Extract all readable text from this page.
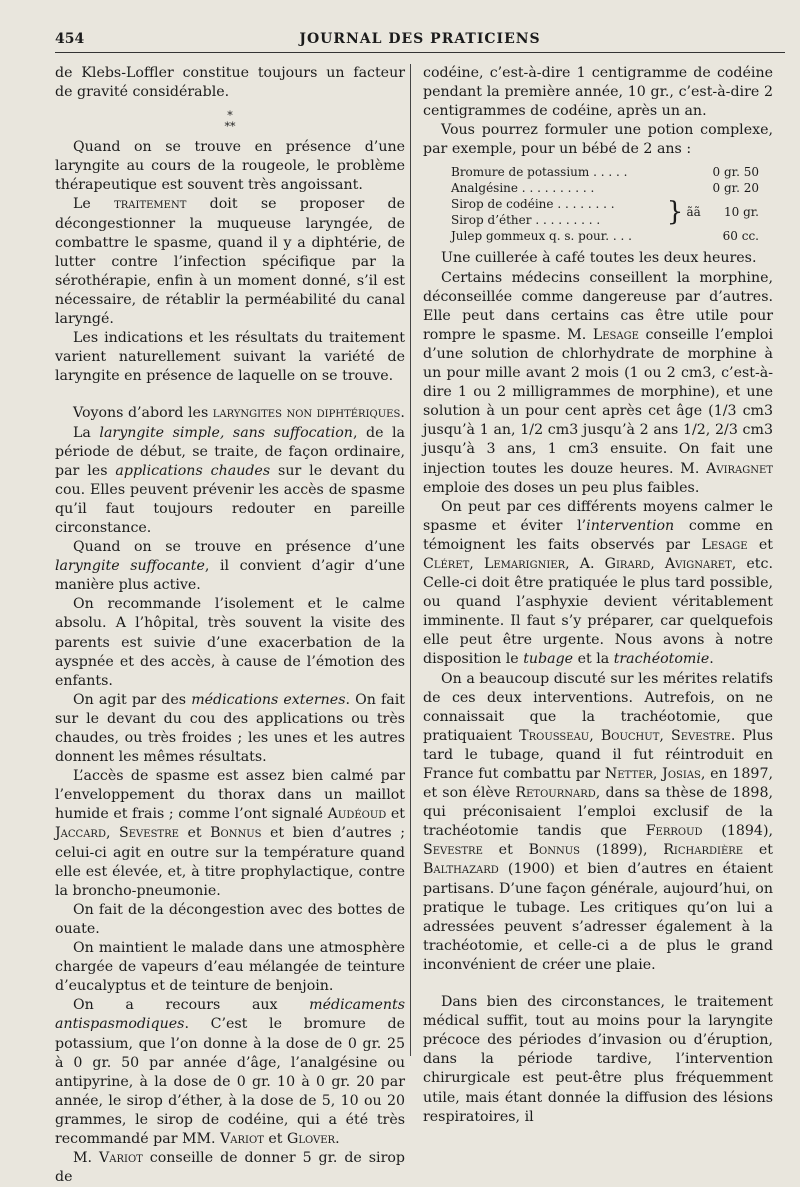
454	JOURNAL DES PRATICIENS

de Klebs-Loffler constitue toujours un facteur de gravité considérable.

*
**

Quand on se trouve en présence d’une laryngite au cours de la rougeole, le problème thérapeutique est souvent très angoissant.

Le traitement doit se proposer de décongestionner la muqueuse laryngée, de combattre le spasme, quand il y a diphtérie, de lutter contre l’infection spécifique par la sérothérapie, enfin à un moment donné, s’il est nécessaire, de rétablir la perméabilité du canal laryngé.

Les indications et les résultats du traitement varient naturellement suivant la variété de laryngite en présence de laquelle on se trouve.

Voyons d’abord les laryngites non diphtériques.

La laryngite simple, sans suffocation, de la période de début, se traite, de façon ordinaire, par les applications chaudes sur le devant du cou. Elles peuvent prévenir les accès de spasme qu’il faut toujours redouter en pareille circonstance.

Quand on se trouve en présence d’une laryngite suffocante, il convient d’agir d’une manière plus active.

On recommande l’isolement et le calme absolu. A l’hôpital, très souvent la visite des parents est suivie d’une exacerbation de la ayspnée et des accès, à cause de l’émotion des enfants.

On agit par des médications externes. On fait sur le devant du cou des applications ou très chaudes, ou très froides ; les unes et les autres donnent les mêmes résultats.

L’accès de spasme est assez bien calmé par l’enveloppement du thorax dans un maillot humide et frais ; comme l’ont signalé Audéoud et Jaccard, Sevestre et Bonnus et bien d’autres ; celui-ci agit en outre sur la température quand elle est élevée, et, à titre prophylactique, contre la broncho-pneumonie.

On fait de la décongestion avec des bottes de ouate.

On maintient le malade dans une atmosphère chargée de vapeurs d’eau mélangée de teinture d’eucalyptus et de teinture de benjoin.

On a recours aux médicaments antispasmodiques. C’est le bromure de potassium, que l’on donne à la dose de 0 gr. 25 à 0 gr. 50 par année d’âge, l’analgésine ou antipyrine, à la dose de 0 gr. 10 à 0 gr. 20 par année, le sirop d’éther, à la dose de 5, 10 ou 20 grammes, le sirop de codéine, qui a été très recommandé par MM. Variot et Glover.

M. Variot conseille de donner 5 gr. de sirop de

codéine, c’est-à-dire 1 centigramme de codéine pendant la première année, 10 gr., c’est-à-dire 2 centigrammes de codéine, après un an.

Vous pourrez formuler une potion complexe, par exemple, pour un bébé de 2 ans :

Bromure de potassium . . . . .			0 gr. 50
Analgésine . . . . . . . . . .			0 gr. 20
Sirop de codéine . . . . . . . .	}	ãã	10 gr.
Sirop d’éther . . . . . . . . .			
Julep gommeux q. s. pour. . . .			60 cc.

Une cuillerée à café toutes les deux heures.

Certains médecins conseillent la morphine, déconseillée comme dangereuse par d’autres. Elle peut dans certains cas être utile pour rompre le spasme. M. Lesage conseille l’emploi d’une solution de chlorhydrate de morphine à un pour mille avant 2 mois (1 ou 2 cm3, c’est-à-dire 1 ou 2 milligrammes de morphine), et une solution à un pour cent après cet âge (1/3 cm3 jusqu’à 1 an, 1/2 cm3 jusqu’à 2 ans 1/2, 2/3 cm3 jusqu’à 3 ans, 1 cm3 ensuite. On fait une injection toutes les douze heures. M. Aviragnet emploie des doses un peu plus faibles.

On peut par ces différents moyens calmer le spasme et éviter l’intervention comme en témoignent les faits observés par Lesage et Cléret, Lemarignier, A. Girard, Avignaret, etc. Celle-ci doit être pratiquée le plus tard possible, ou quand l’asphyxie devient véritablement imminente. Il faut s’y préparer, car quelquefois elle peut être urgente. Nous avons à notre disposition le tubage et la trachéotomie.

On a beaucoup discuté sur les mérites relatifs de ces deux interventions. Autrefois, on ne connaissait que la trachéotomie, que pratiquaient Trousseau, Bouchut, Sevestre. Plus tard le tubage, quand il fut réintroduit en France fut combattu par Netter, Josias, en 1897, et son élève Retournard, dans sa thèse de 1898, qui préconisaient l’emploi exclusif de la trachéotomie tandis que Ferroud (1894), Sevestre et Bonnus (1899), Richardière et Balthazard (1900) et bien d’autres en étaient partisans. D’une façon générale, aujourd’hui, on pratique le tubage. Les critiques qu’on lui a adressées peuvent s’adresser également à la trachéotomie, et celle-ci a de plus le grand inconvénient de créer une plaie.

Dans bien des circonstances, le traitement médical suffit, tout au moins pour la laryngite précoce des périodes d’invasion ou d’éruption, dans la période tardive, l’intervention chirurgicale est peut-être plus fréquemment utile, mais étant donnée la diffusion des lésions respiratoires, il
